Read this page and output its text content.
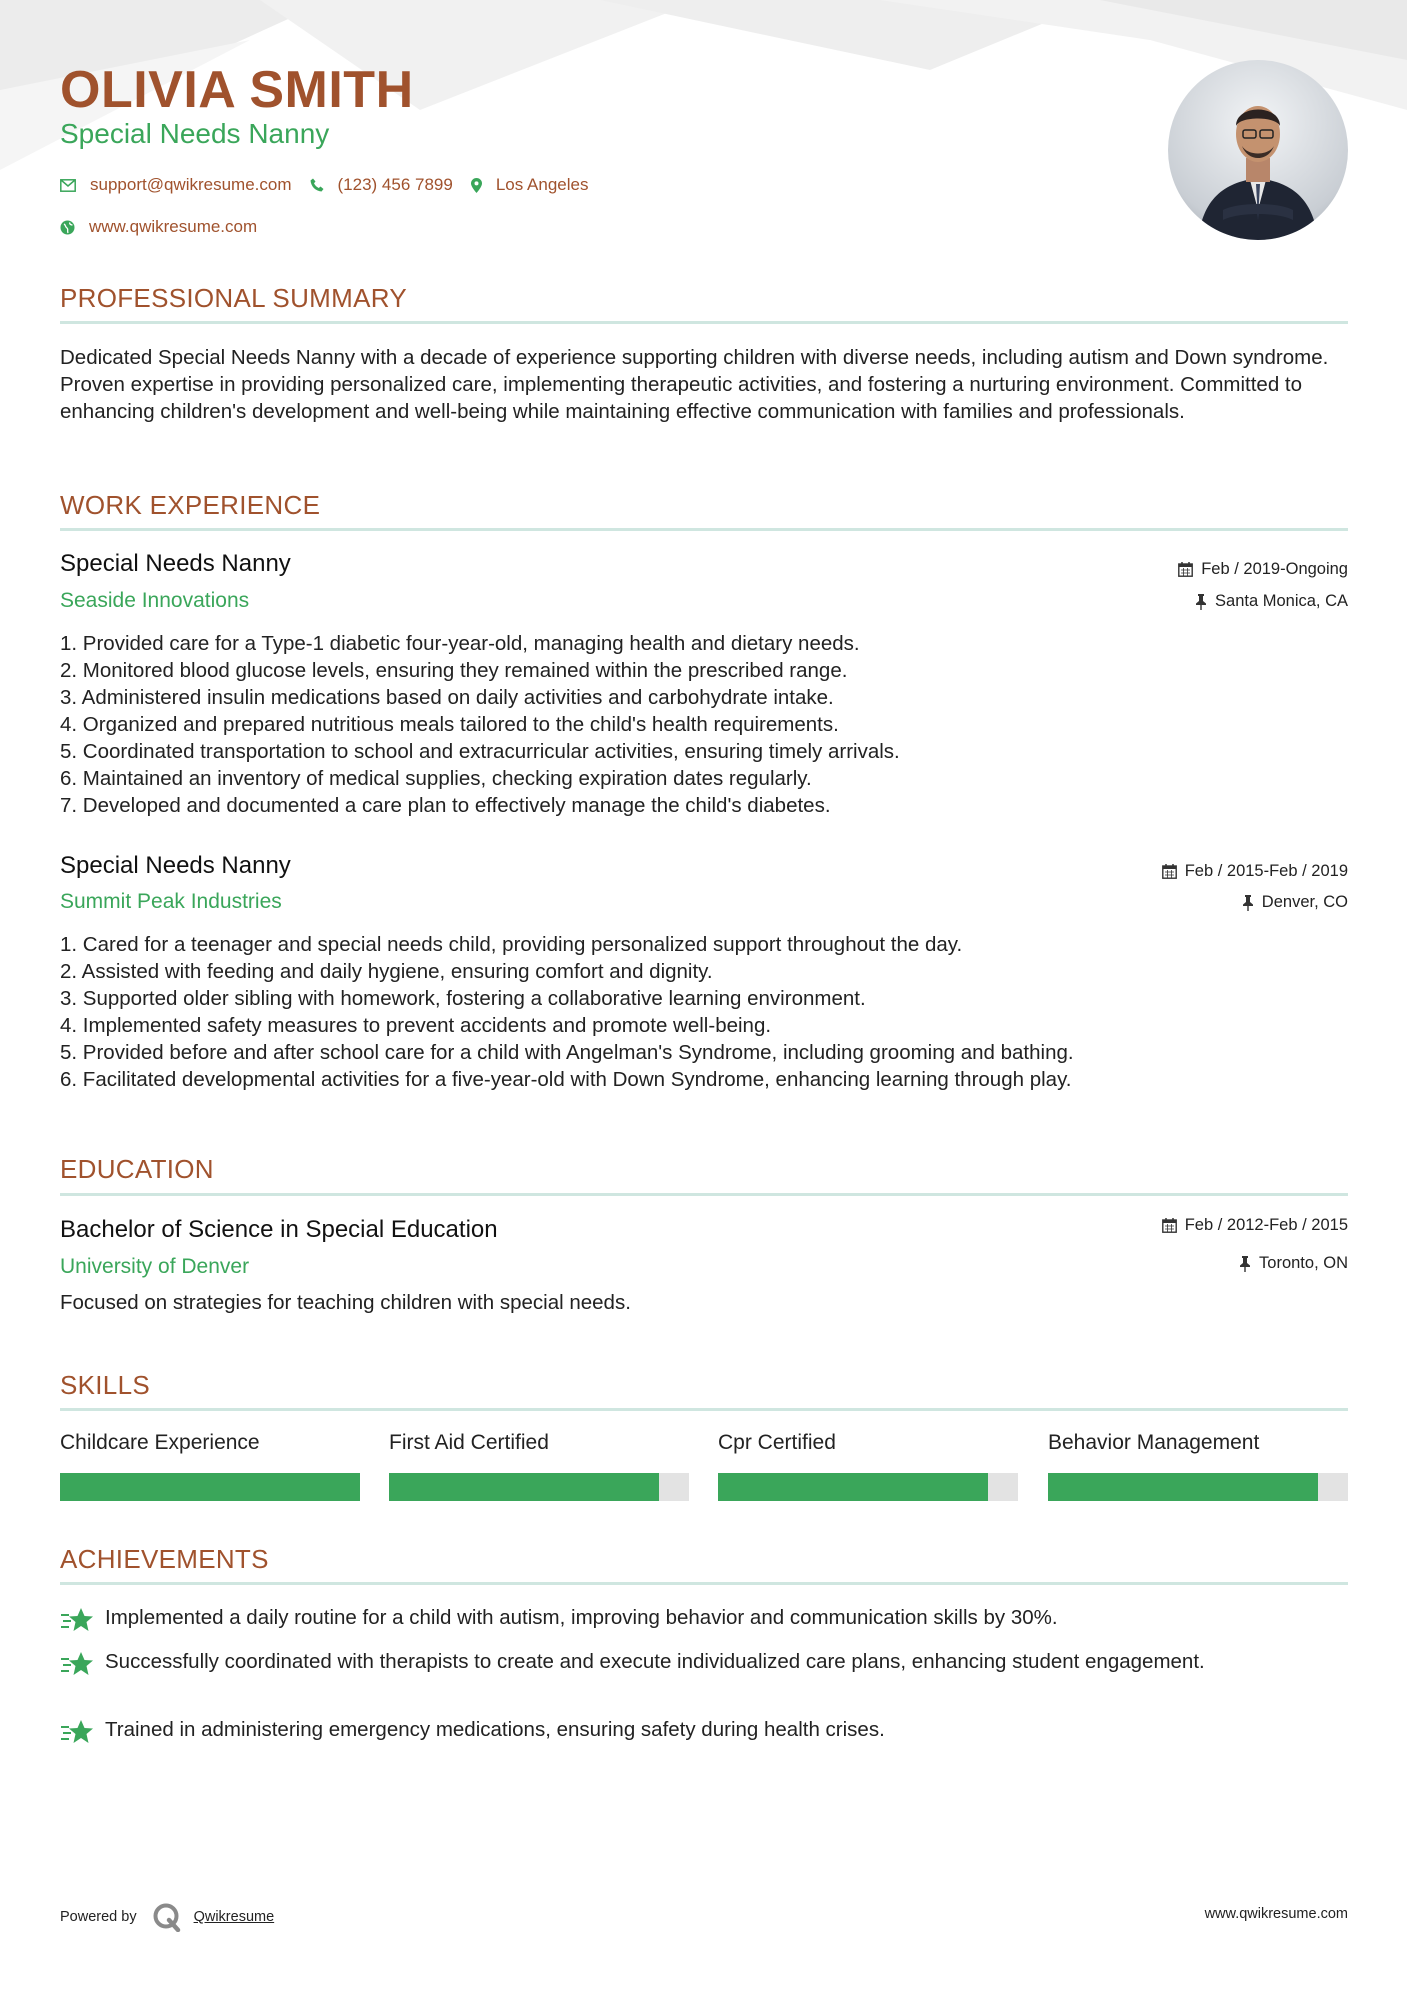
OLIVIA SMITH
Special Needs Nanny
support@qwikresume.com	(123) 456 7899	Los Angeles
www.qwikresume.com
PROFESSIONAL SUMMARY
Dedicated Special Needs Nanny with a decade of experience supporting children with diverse needs, including autism and Down syndrome. Proven expertise in providing personalized care, implementing therapeutic activities, and fostering a nurturing environment. Committed to enhancing children's development and well-being while maintaining effective communication with families and professionals.
WORK EXPERIENCE
Special Needs Nanny
Seaside Innovations
Feb / 2019-Ongoing
Santa Monica, CA
1. Provided care for a Type-1 diabetic four-year-old, managing health and dietary needs.
2. Monitored blood glucose levels, ensuring they remained within the prescribed range.
3. Administered insulin medications based on daily activities and carbohydrate intake.
4. Organized and prepared nutritious meals tailored to the child's health requirements.
5. Coordinated transportation to school and extracurricular activities, ensuring timely arrivals.
6. Maintained an inventory of medical supplies, checking expiration dates regularly.
7. Developed and documented a care plan to effectively manage the child's diabetes.
Special Needs Nanny
Summit Peak Industries
Feb / 2015-Feb / 2019
Denver, CO
1. Cared for a teenager and special needs child, providing personalized support throughout the day.
2. Assisted with feeding and daily hygiene, ensuring comfort and dignity.
3. Supported older sibling with homework, fostering a collaborative learning environment.
4. Implemented safety measures to prevent accidents and promote well-being.
5. Provided before and after school care for a child with Angelman's Syndrome, including grooming and bathing.
6. Facilitated developmental activities for a five-year-old with Down Syndrome, enhancing learning through play.
EDUCATION
Bachelor of Science in Special Education
University of Denver
Feb / 2012-Feb / 2015
Toronto, ON
Focused on strategies for teaching children with special needs.
SKILLS
Childcare Experience	First Aid Certified	Cpr Certified	Behavior Management
ACHIEVEMENTS
Implemented a daily routine for a child with autism, improving behavior and communication skills by 30%.
Successfully coordinated with therapists to create and execute individualized care plans, enhancing student engagement.
Trained in administering emergency medications, ensuring safety during health crises.
Powered by	Qwikresume	www.qwikresume.com
